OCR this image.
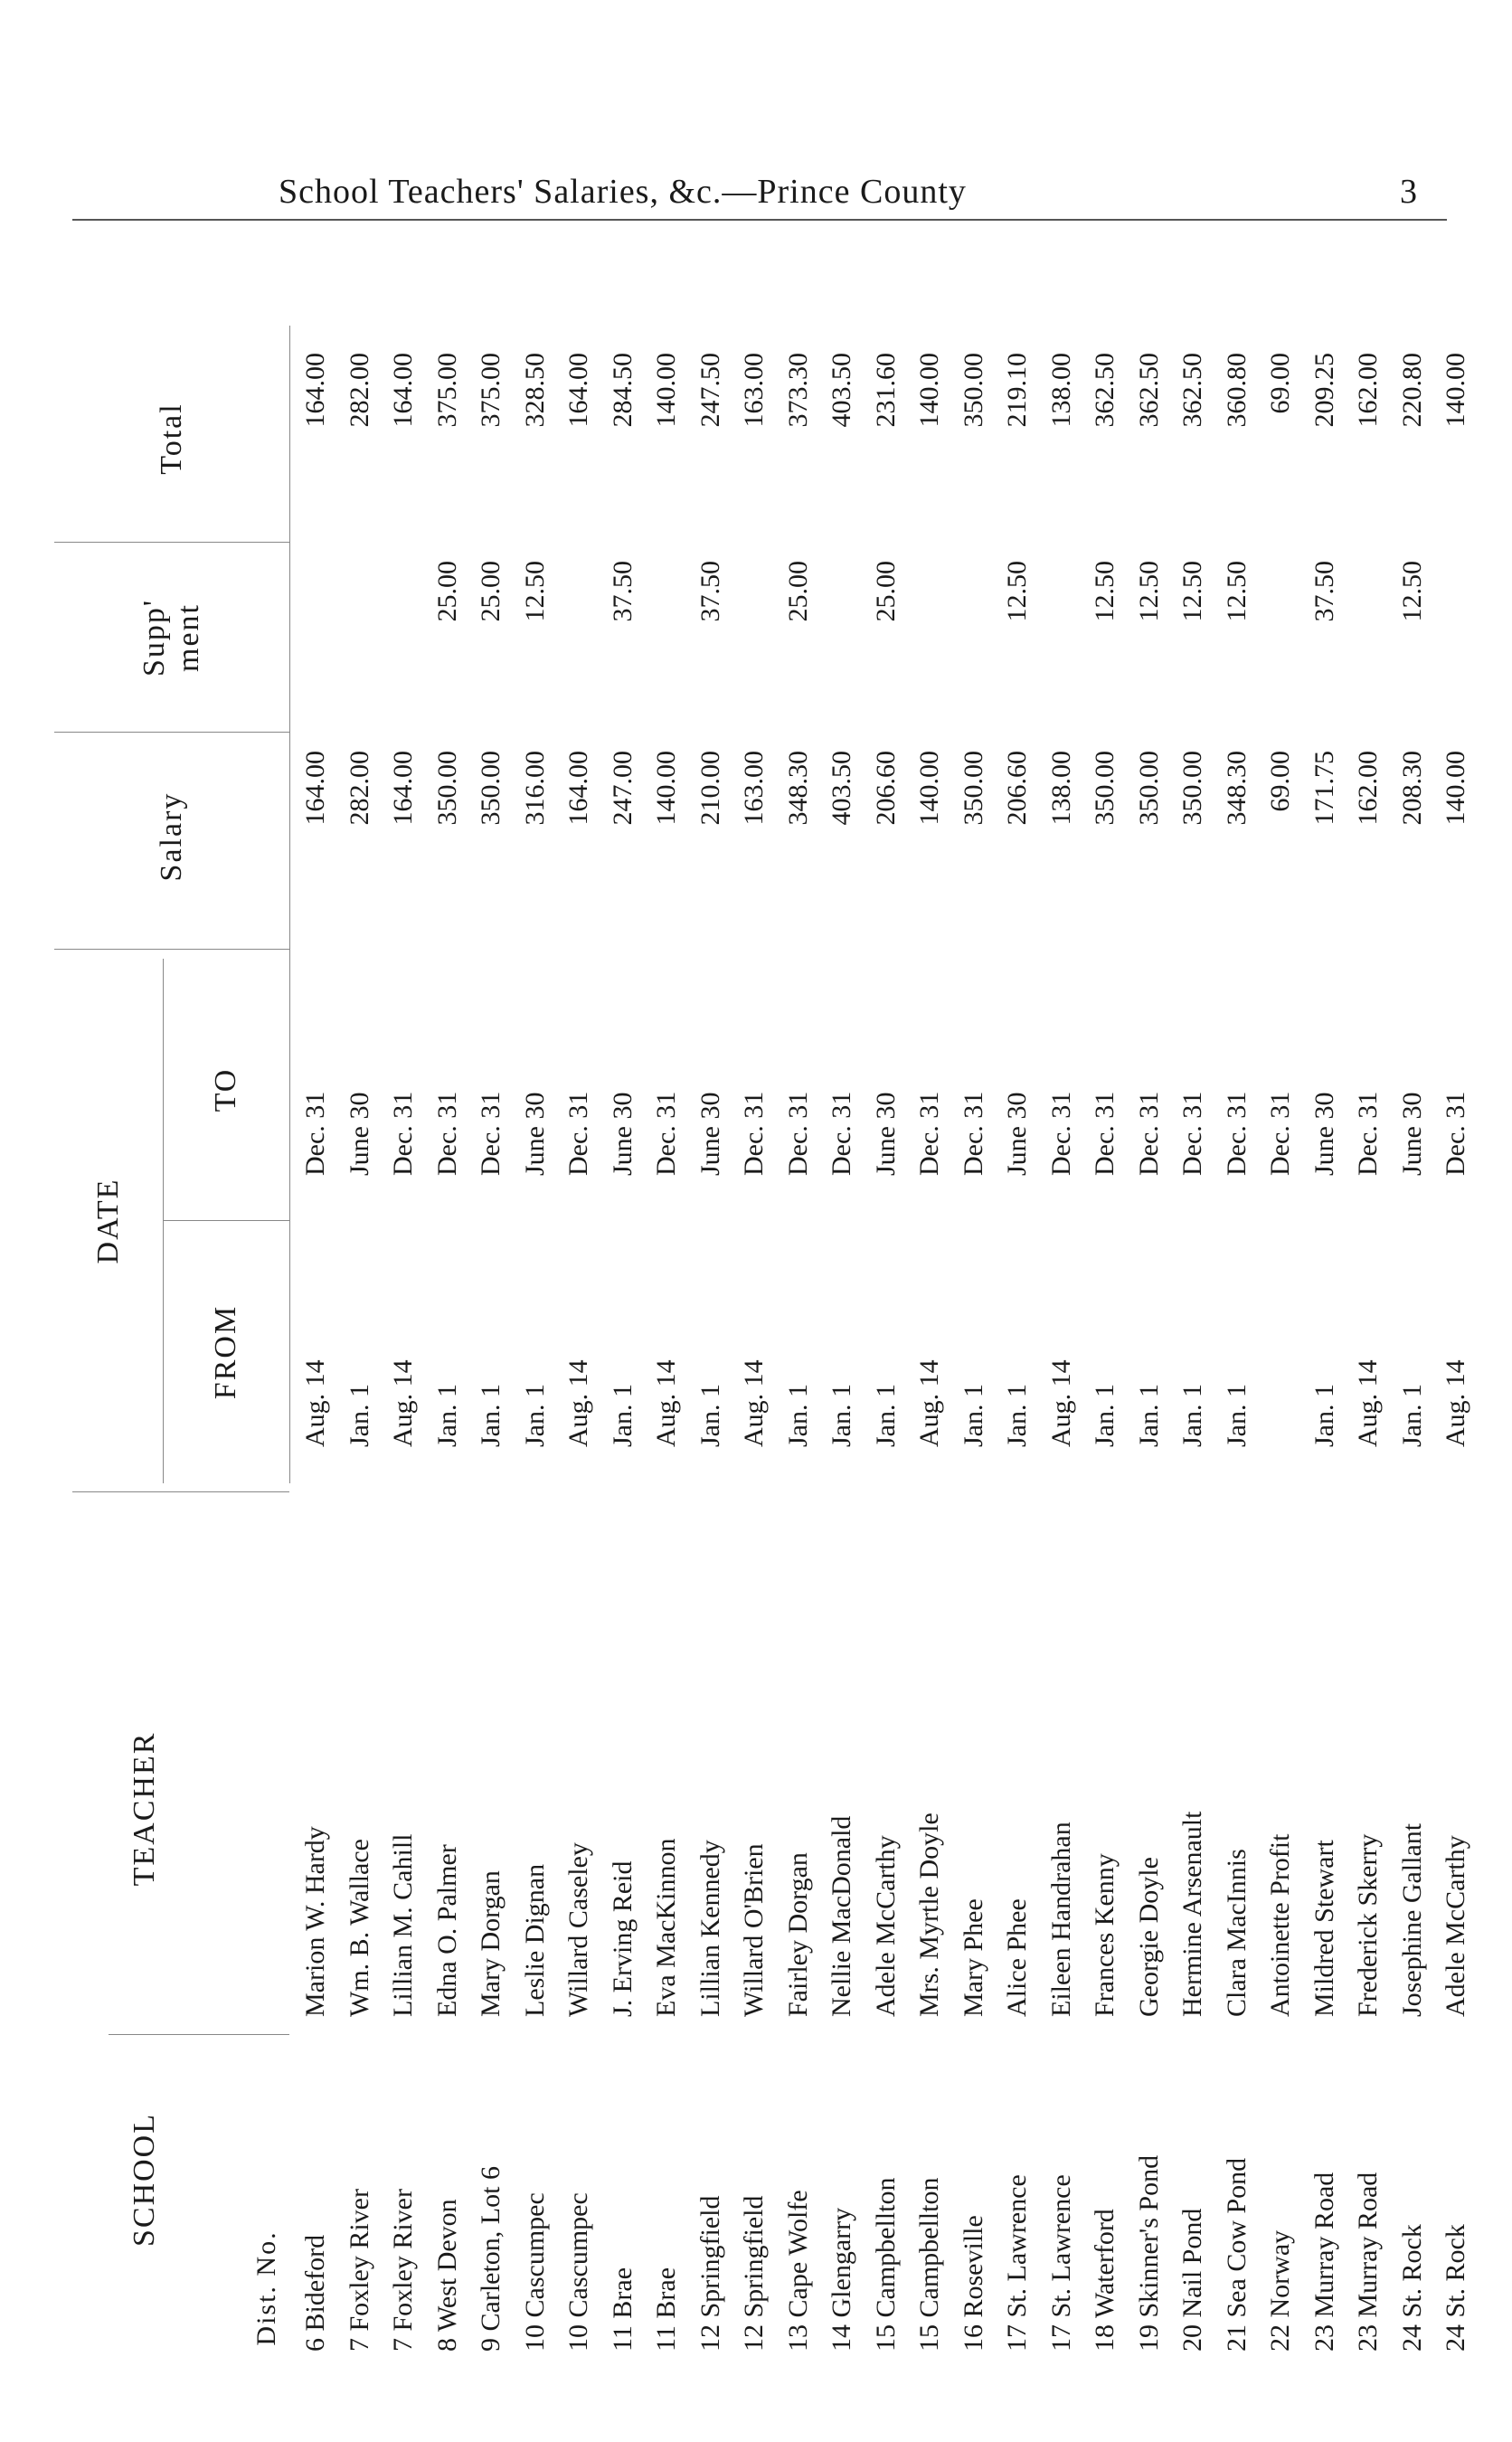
School Teachers' Salaries, &c.—Prince County	3
Dist. No.
SCHOOL
TEACHER
DATE
FROM
TO
Salary
Supp'
ment
Total
6 Bideford
Marion W. Hardy
Aug. 14
Dec. 31
164.00
164.00
7 Foxley River
Wm. B. Wallace
Jan. 1
June 30
282.00
282.00
7 Foxley River
Lillian M. Cahill
Aug. 14
Dec. 31
164.00
164.00
8 West Devon
Edna O. Palmer
Jan. 1
Dec. 31
350.00
25.00
375.00
9 Carleton, Lot 6
Mary Dorgan
Jan. 1
Dec. 31
350.00
25.00
375.00
10 Cascumpec
Leslie Dignan
Jan. 1
June 30
316.00
12.50
328.50
10 Cascumpec
Willard Caseley
Aug. 14
Dec. 31
164.00
164.00
11 Brae
J. Erving Reid
Jan. 1
June 30
247.00
37.50
284.50
11 Brae
Eva MacKinnon
Aug. 14
Dec. 31
140.00
140.00
12 Springfield
Lillian Kennedy
Jan. 1
June 30
210.00
37.50
247.50
12 Springfield
Willard O'Brien
Aug. 14
Dec. 31
163.00
163.00
13 Cape Wolfe
Fairley Dorgan
Jan. 1
Dec. 31
348.30
25.00
373.30
14 Glengarry
Nellie MacDonald
Jan. 1
Dec. 31
403.50
403.50
15 Campbellton
Adele McCarthy
Jan. 1
June 30
206.60
25.00
231.60
15 Campbellton
Mrs. Myrtle Doyle
Aug. 14
Dec. 31
140.00
140.00
16 Roseville
Mary Phee
Jan. 1
Dec. 31
350.00
350.00
17 St. Lawrence
Alice Phee
Jan. 1
June 30
206.60
12.50
219.10
17 St. Lawrence
Eileen Handrahan
Aug. 14
Dec. 31
138.00
138.00
18 Waterford
Frances Kenny
Jan. 1
Dec. 31
350.00
12.50
362.50
19 Skinner's Pond
Georgie Doyle
Jan. 1
Dec. 31
350.00
12.50
362.50
20 Nail Pond
Hermine Arsenault
Jan. 1
Dec. 31
350.00
12.50
362.50
21 Sea Cow Pond
Clara MacInnis
Jan. 1
Dec. 31
348.30
12.50
360.80
22 Norway
Antoinette Profit
Dec. 31
69.00
69.00
23 Murray Road
Mildred Stewart
Jan. 1
June 30
171.75
37.50
209.25
23 Murray Road
Frederick Skerry
Aug. 14
Dec. 31
162.00
162.00
24 St. Rock
Josephine Gallant
Jan. 1
June 30
208.30
12.50
220.80
24 St. Rock
Adele McCarthy
Aug. 14
Dec. 31
140.00
140.00
